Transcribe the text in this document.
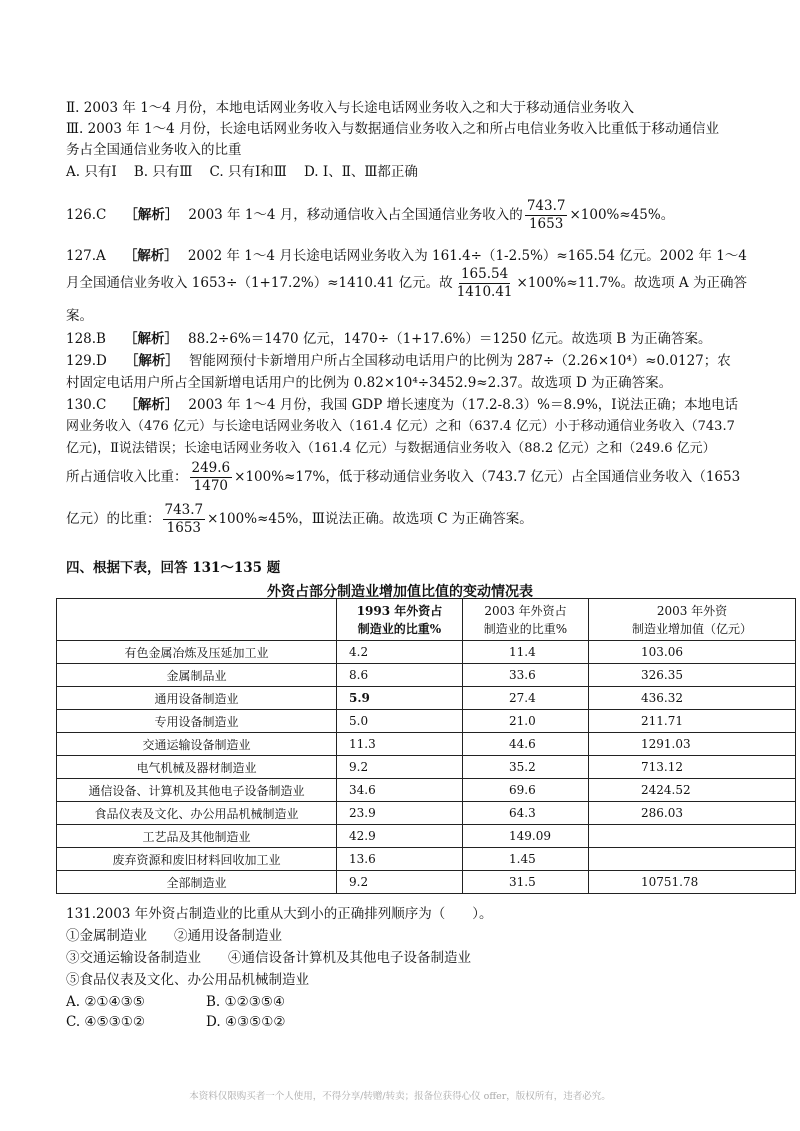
Ⅱ. 2003 年 1～4 月份，本地电话网业务收入与长途电话网业务收入之和大于移动通信业务收入
Ⅲ. 2003 年 1～4 月份，长途电话网业务收入与数据通信业务收入之和所占电信业务收入比重低于移动通信业
务占全国通信业务收入的比重
A. 只有Ⅰ    B. 只有Ⅲ    C. 只有Ⅰ和Ⅲ    D. Ⅰ、Ⅱ、Ⅲ都正确
126.C ［解析］ 2003 年 1～4 月，移动通信收入占全国通信业务收入的 $\frac{743.7}{1653} \times 100\%\approx 45\%$。
127.A ［解析］ 2002 年 1～4 月长途电话网业务收入为 161.4÷（1-2.5%）≈165.54 亿元。2002 年 1～4
月全国通信业务收入 1653÷（1+17.2%）≈1410.41 亿元。故 $\frac{165.54}{1410.41} \times 100\%\approx 11.7\%$。故选项 A 为正确答
案。
128.B ［解析］ 88.2÷6%＝1470 亿元，1470÷（1+17.6%）＝1250 亿元。故选项 B 为正确答案。
129.D ［解析］ 智能网预付卡新增用户所占全国移动电话用户的比例为 287÷（2.26×10⁴）≈0.0127；农
村固定电话用户所占全国新增电话用户的比例为 0.82×10⁴÷3452.9≈2.37。故选项 D 为正确答案。
130.C ［解析］ 2003 年 1～4 月份，我国 GDP 增长速度为（17.2-8.3）%＝8.9%，Ⅰ说法正确；本地电话
网业务收入（476 亿元）与长途电话网业务收入（161.4 亿元）之和（637.4 亿元）小于移动通信业务收入（743.7
亿元)，Ⅱ说法错误；长途电话网业务收入（161.4 亿元）与数据通信业务收入（88.2 亿元）之和（249.6 亿元）
所占通信收入比重： $\frac{249.6}{1470} \times 100\%\approx 17\%$，低于移动通信业务收入（743.7 亿元）占全国通信业务收入（1653
亿元）的比重： $\frac{743.7}{1653} \times 100\%\approx 45\%$，Ⅲ说法正确。故选项 C 为正确答案。
四、根据下表，回答 131～135 题
外资占部分制造业增加值比值的变动情况表
	1993 年外资占
制造业的比重%	2003 年外资占
制造业的比重%	2003 年外资
制造业增加值（亿元）
有色金属冶炼及压延加工业	4.2	11.4	103.06
金属制品业	8.6	33.6	326.35
通用设备制造业	5.9	27.4	436.32
专用设备制造业	5.0	21.0	211.71
交通运输设备制造业	11.3	44.6	1291.03
电气机械及器材制造业	9.2	35.2	713.12
通信设备、计算机及其他电子设备制造业	34.6	69.6	2424.52
食品仪表及文化、办公用品机械制造业	23.9	64.3	286.03
工艺品及其他制造业	42.9	149.09	
废弃资源和废旧材料回收加工业	13.6	1.45	
全部制造业	9.2	31.5	10751.78
131.2003 年外资占制造业的比重从大到小的正确排列顺序为（　　）。
①金属制造业　　②通用设备制造业
③交通运输设备制造业　　④通信设备计算机及其他电子设备制造业
⑤食品仪表及文化、办公用品机械制造业
A. ②①④③⑤	B. ①②③⑤④
C. ④⑤③①②	D. ④③⑤①②
本资料仅限购买者一个人使用，不得分享/转赠/转卖；报备位获得心仪 offer，版权所有，违者必究。
